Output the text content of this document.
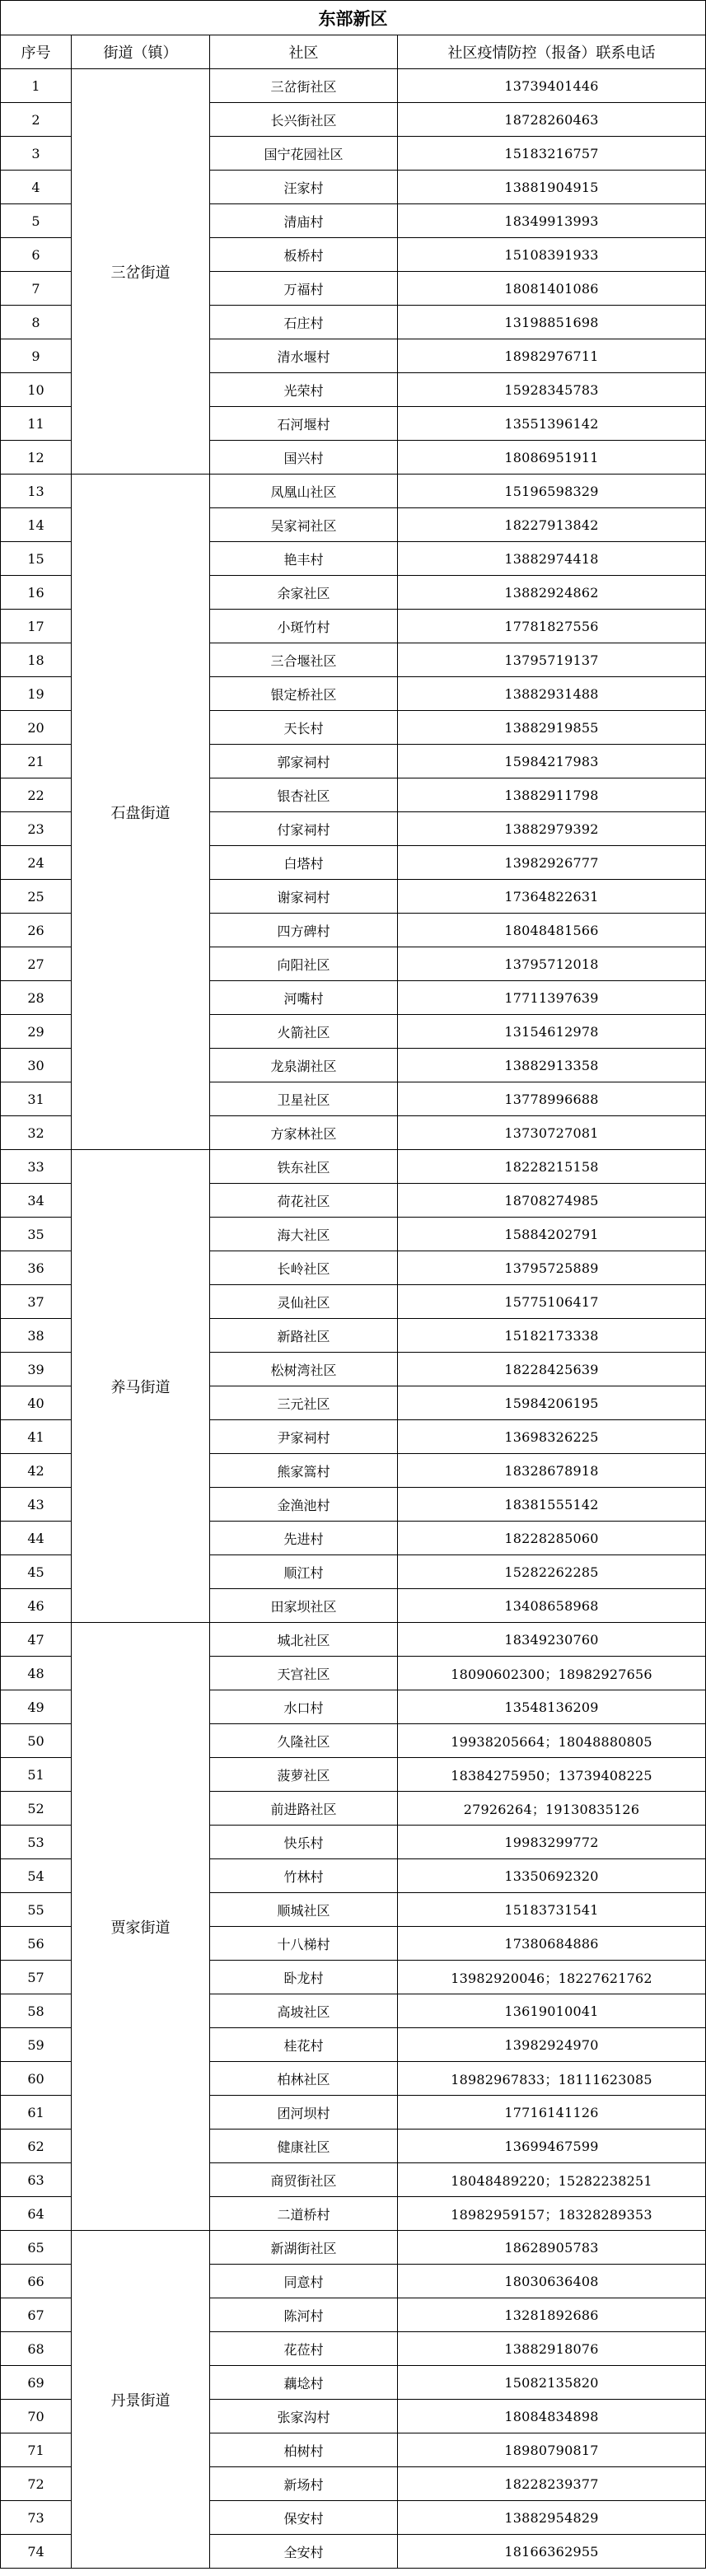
东部新区			
序号	街道（镇）	社区	社区疫情防控（报备）联系电话
1	三岔街道	三岔街社区	13739401446
2		长兴街社区	18728260463
3		国宁花园社区	15183216757
4		汪家村	13881904915
5		清庙村	18349913993
6		板桥村	15108391933
7		万福村	18081401086
8		石庄村	13198851698
9		清水堰村	18982976711
10		光荣村	15928345783
11		石河堰村	13551396142
12		国兴村	18086951911
13	石盘街道	凤凰山社区	15196598329
14		吴家祠社区	18227913842
15		艳丰村	13882974418
16		余家社区	13882924862
17		小斑竹村	17781827556
18		三合堰社区	13795719137
19		银定桥社区	13882931488
20		天长村	13882919855
21		郭家祠村	15984217983
22		银杏社区	13882911798
23		付家祠村	13882979392
24		白塔村	13982926777
25		谢家祠村	17364822631
26		四方碑村	18048481566
27		向阳社区	13795712018
28		河嘴村	17711397639
29		火箭社区	13154612978
30		龙泉湖社区	13882913358
31		卫星社区	13778996688
32		方家林社区	13730727081
33	养马街道	铁东社区	18228215158
34		荷花社区	18708274985
35		海大社区	15884202791
36		长岭社区	13795725889
37		灵仙社区	15775106417
38		新路社区	15182173338
39		松树湾社区	18228425639
40		三元社区	15984206195
41		尹家祠村	13698326225
42		熊家篙村	18328678918
43		金渔池村	18381555142
44		先进村	18228285060
45		顺江村	15282262285
46		田家坝社区	13408658968
47	贾家街道	城北社区	18349230760
48		天宫社区	18090602300；18982927656
49		水口村	13548136209
50		久隆社区	19938205664；18048880805
51		菠萝社区	18384275950；13739408225
52		前进路社区	27926264；19130835126
53		快乐村	19983299772
54		竹林村	13350692320
55		顺城社区	15183731541
56		十八梯村	17380684886
57		卧龙村	13982920046；18227621762
58		高坡社区	13619010041
59		桂花村	13982924970
60		柏林社区	18982967833；18111623085
61		团河坝村	17716141126
62		健康社区	13699467599
63		商贸街社区	18048489220；15282238251
64		二道桥村	18982959157；18328289353
65	丹景街道	新湖街社区	18628905783
66		同意村	18030636408
67		陈河村	13281892686
68		花莅村	13882918076
69		藕埝村	15082135820
70		张家沟村	18084834898
71		柏树村	18980790817
72		新场村	18228239377
73		保安村	13882954829
74		全安村	18166362955
